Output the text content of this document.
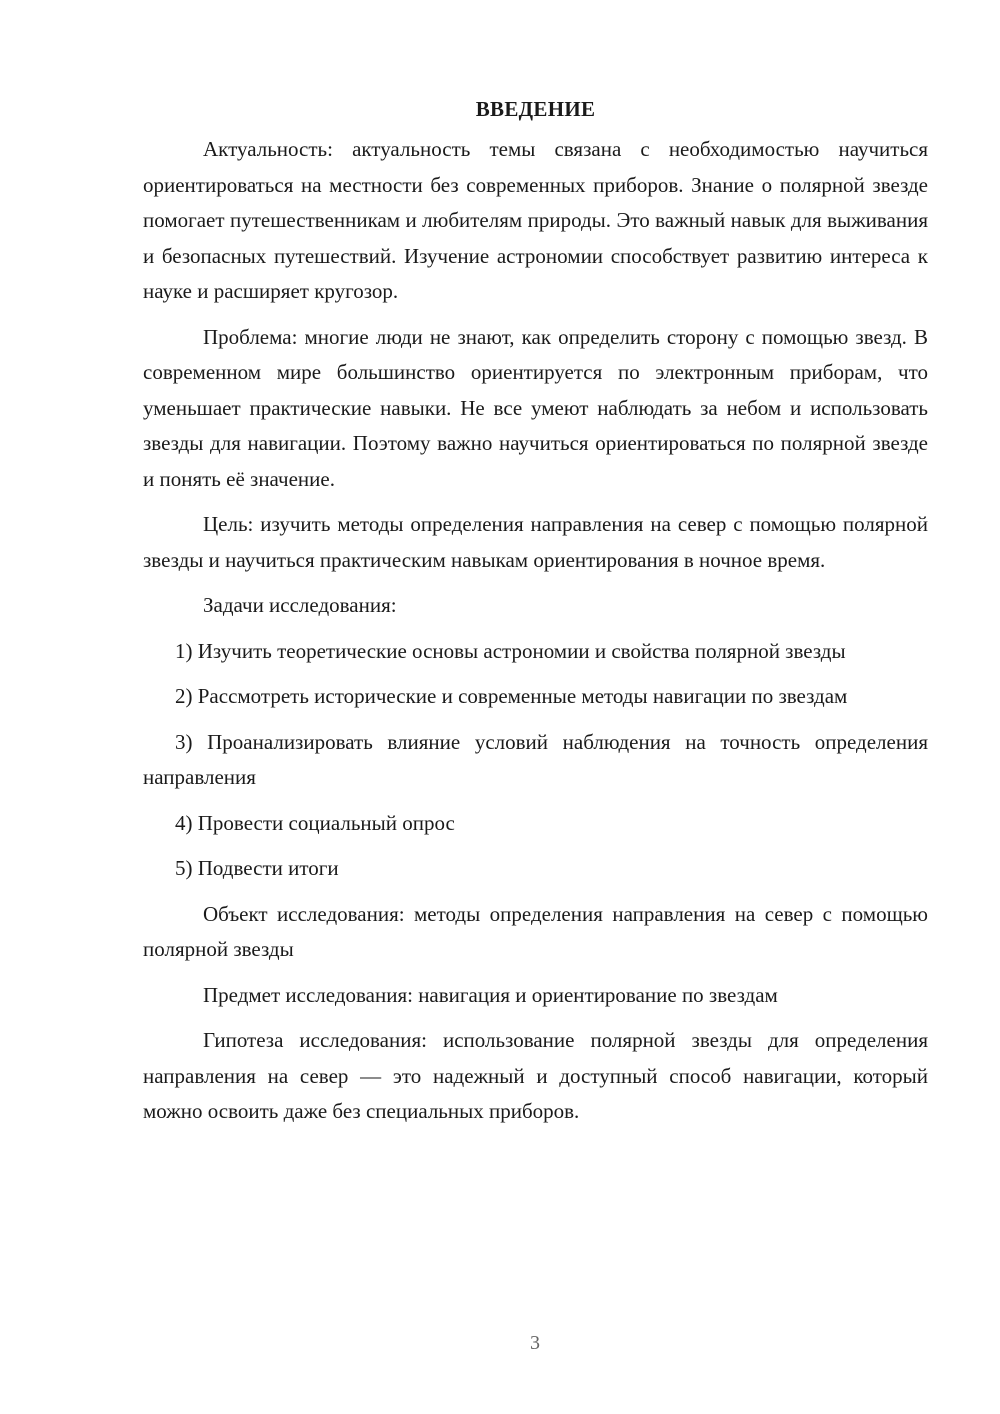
ВВЕДЕНИЕ

Актуальность: актуальность темы связана с необходимостью научиться ориентироваться на местности без современных приборов. Знание о полярной звезде помогает путешественникам и любителям природы. Это важный навык для выживания и безопасных путешествий. Изучение астрономии способствует развитию интереса к науке и расширяет кругозор.

Проблема: многие люди не знают, как определить сторону с помощью звезд. В современном мире большинство ориентируется по электронным приборам, что уменьшает практические навыки. Не все умеют наблюдать за небом и использовать звезды для навигации. Поэтому важно научиться ориентироваться по полярной звезде и понять её значение.

Цель: изучить методы определения направления на север с помощью полярной звезды и научиться практическим навыкам ориентирования в ночное время.

Задачи исследования:

1) Изучить теоретические основы астрономии и свойства полярной звезды

2) Рассмотреть исторические и современные методы навигации по звездам

3) Проанализировать влияние условий наблюдения на точность определения направления

4) Провести социальный опрос

5) Подвести итоги

Объект исследования: методы определения направления на север с помощью полярной звезды

Предмет исследования: навигация и ориентирование по звездам

Гипотеза исследования: использование полярной звезды для определения направления на север — это надежный и доступный способ навигации, который можно освоить даже без специальных приборов.

3
